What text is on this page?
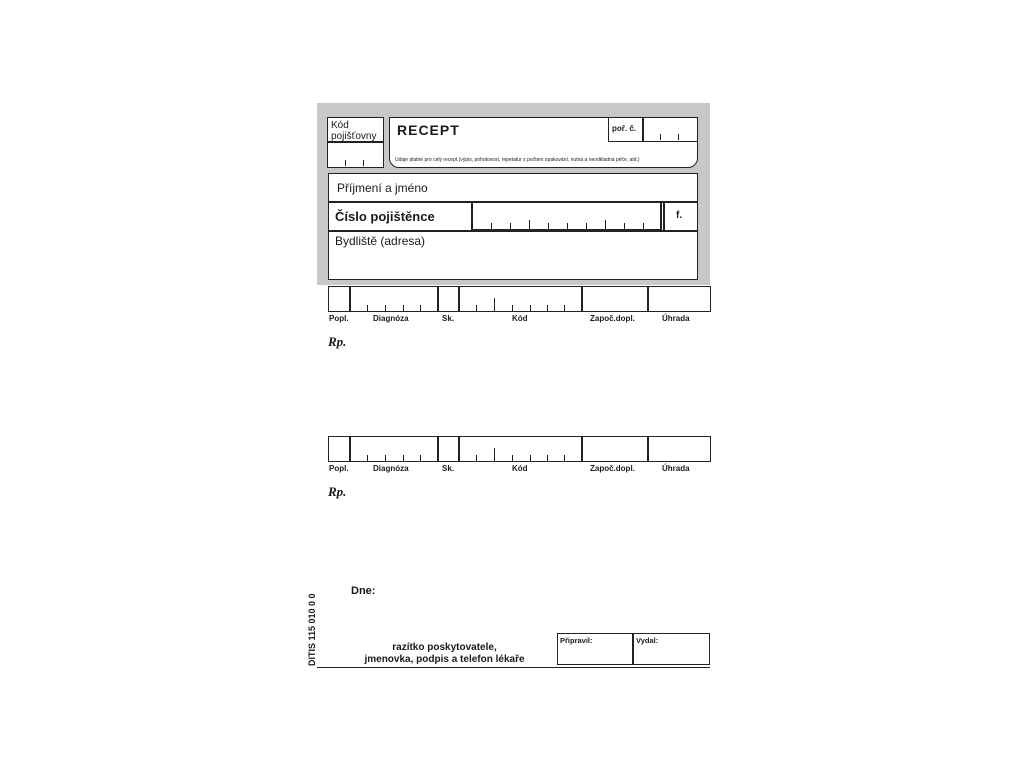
Kód
pojišťovny RECEPT	poř. č.
Údaje platné pro celý recept (výpis, pohotovost, repetatur s počtem opakování, nutná a neodkladná péče, atd.)
Příjmení a jméno
Číslo pojištěnce	f.
Bydliště (adresa)
Popl.	Diagnóza	Sk.	Kód	Započ.dopl.	Úhrada
Rp.
Popl.	Diagnóza	Sk.	Kód	Započ.dopl.	Úhrada
Rp.
DITIS 115 010 0 0
Dne:
razítko poskytovatele,
jmenovka, podpis a telefon lékaře
Připravil:	Vydal:
